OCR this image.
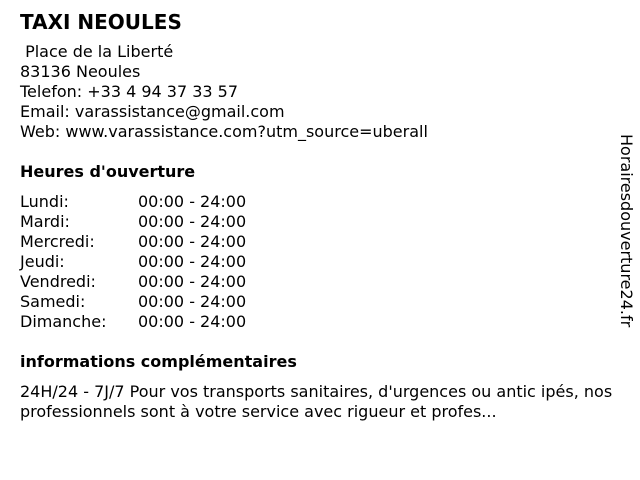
TAXI NEOULES
Place de la Liberté
83136 Neoules
Telefon: +33 4 94 37 33 57
Email: varassistance@gmail.com
Web: www.varassistance.com?utm_source=uberall
Heures d'ouverture
Lundi:	00:00 - 24:00
Mardi:	00:00 - 24:00
Mercredi:	00:00 - 24:00
Jeudi:	00:00 - 24:00
Vendredi:	00:00 - 24:00
Samedi:	00:00 - 24:00
Dimanche:	00:00 - 24:00
informations complémentaires
24H/24 - 7J/7 Pour vos transports sanitaires, d'urgences ou antic ipés, nos professionnels sont à votre service avec rigueur et profes...
Horairesdouverture24.fr
